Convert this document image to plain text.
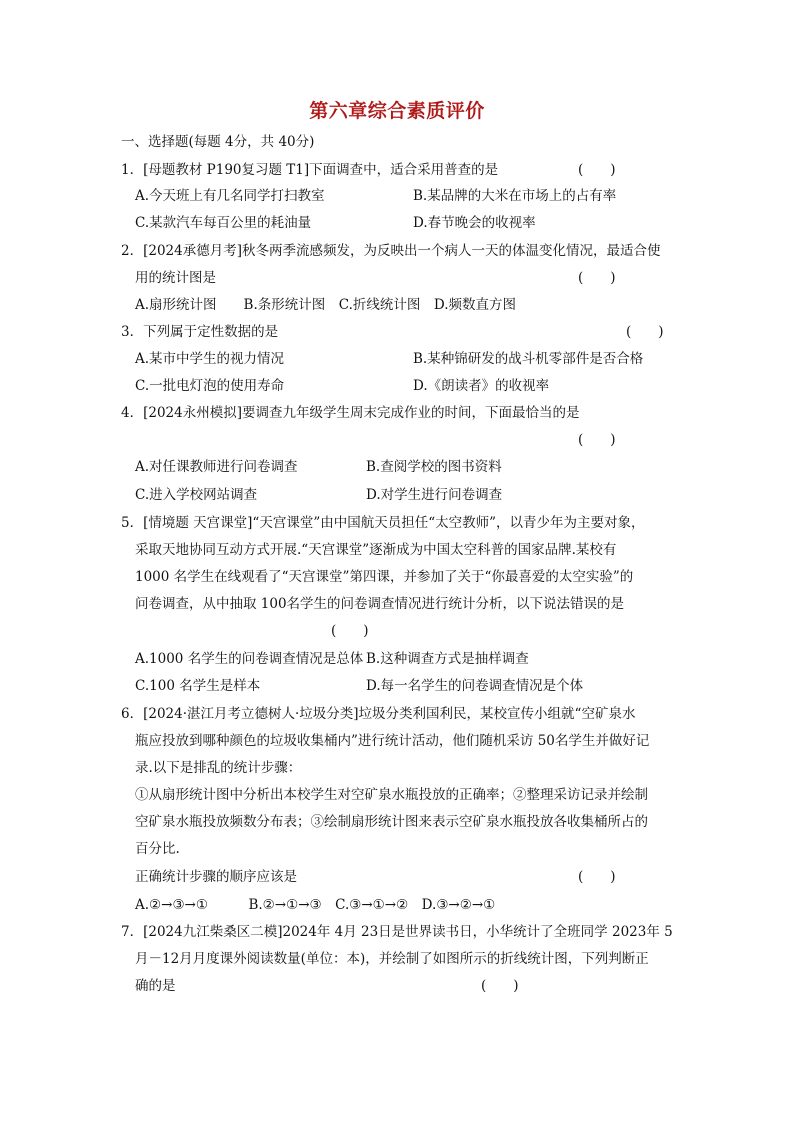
第六章综合素质评价
一、选择题(每题 4分，共 40分)
1．[母题教材 P190复习题 T1]下面调查中，适合采用普查的是	(　　)
A.今天班上有几名同学打扫教室	B.某品牌的大米在市场上的占有率
C.某款汽车每百公里的耗油量	D.春节晚会的收视率
2．[2024承德月考]秋冬两季流感频发，为反映出一个病人一天的体温变化情况，最适合使
用的统计图是	(　　)
A.扇形统计图　　B.条形统计图　C.折线统计图　D.频数直方图
3．下列属于定性数据的是	(　　)
A.某市中学生的视力情况	B.某种锦研发的战斗机零部件是否合格
C.一批电灯泡的使用寿命	D.《朗读者》的收视率
4．[2024永州模拟]要调查九年级学生周末完成作业的时间，下面最恰当的是
(　　)
A.对任课教师进行问卷调查	B.查阅学校的图书资料
C.进入学校网站调查	D.对学生进行问卷调查
5．[情境题 天宫课堂]“天宫课堂”由中国航天员担任“太空教师”，以青少年为主要对象，
采取天地协同互动方式开展.“天宫课堂”逐渐成为中国太空科普的国家品牌.某校有
1000 名学生在线观看了“天宫课堂”第四课，并参加了关于“你最喜爱的太空实验”的
问卷调查，从中抽取 100名学生的问卷调查情况进行统计分析，以下说法错误的是
(　　)
A.1000 名学生的问卷调查情况是总体 B.这种调查方式是抽样调查
C.100 名学生是样本	D.每一名学生的问卷调查情况是个体
6．[2024·湛江月考立德树人·垃圾分类]垃圾分类利国利民，某校宣传小组就“空矿泉水
瓶应投放到哪种颜色的垃圾收集桶内”进行统计活动，他们随机采访 50名学生并做好记
录.以下是排乱的统计步骤：
①从扇形统计图中分析出本校学生对空矿泉水瓶投放的正确率；②整理采访记录并绘制
空矿泉水瓶投放频数分布表；③绘制扇形统计图来表示空矿泉水瓶投放各收集桶所占的
百分比.
正确统计步骤的顺序应该是	(　　)
A.②→③→①　　　B.②→①→③　C.③→①→②　D.③→②→①
7．[2024九江柴桑区二模]2024年 4月 23日是世界读书日，小华统计了全班同学 2023年 5
月－12月月度课外阅读数量(单位：本)，并绘制了如图所示的折线统计图，下列判断正
确的是	(　　)
